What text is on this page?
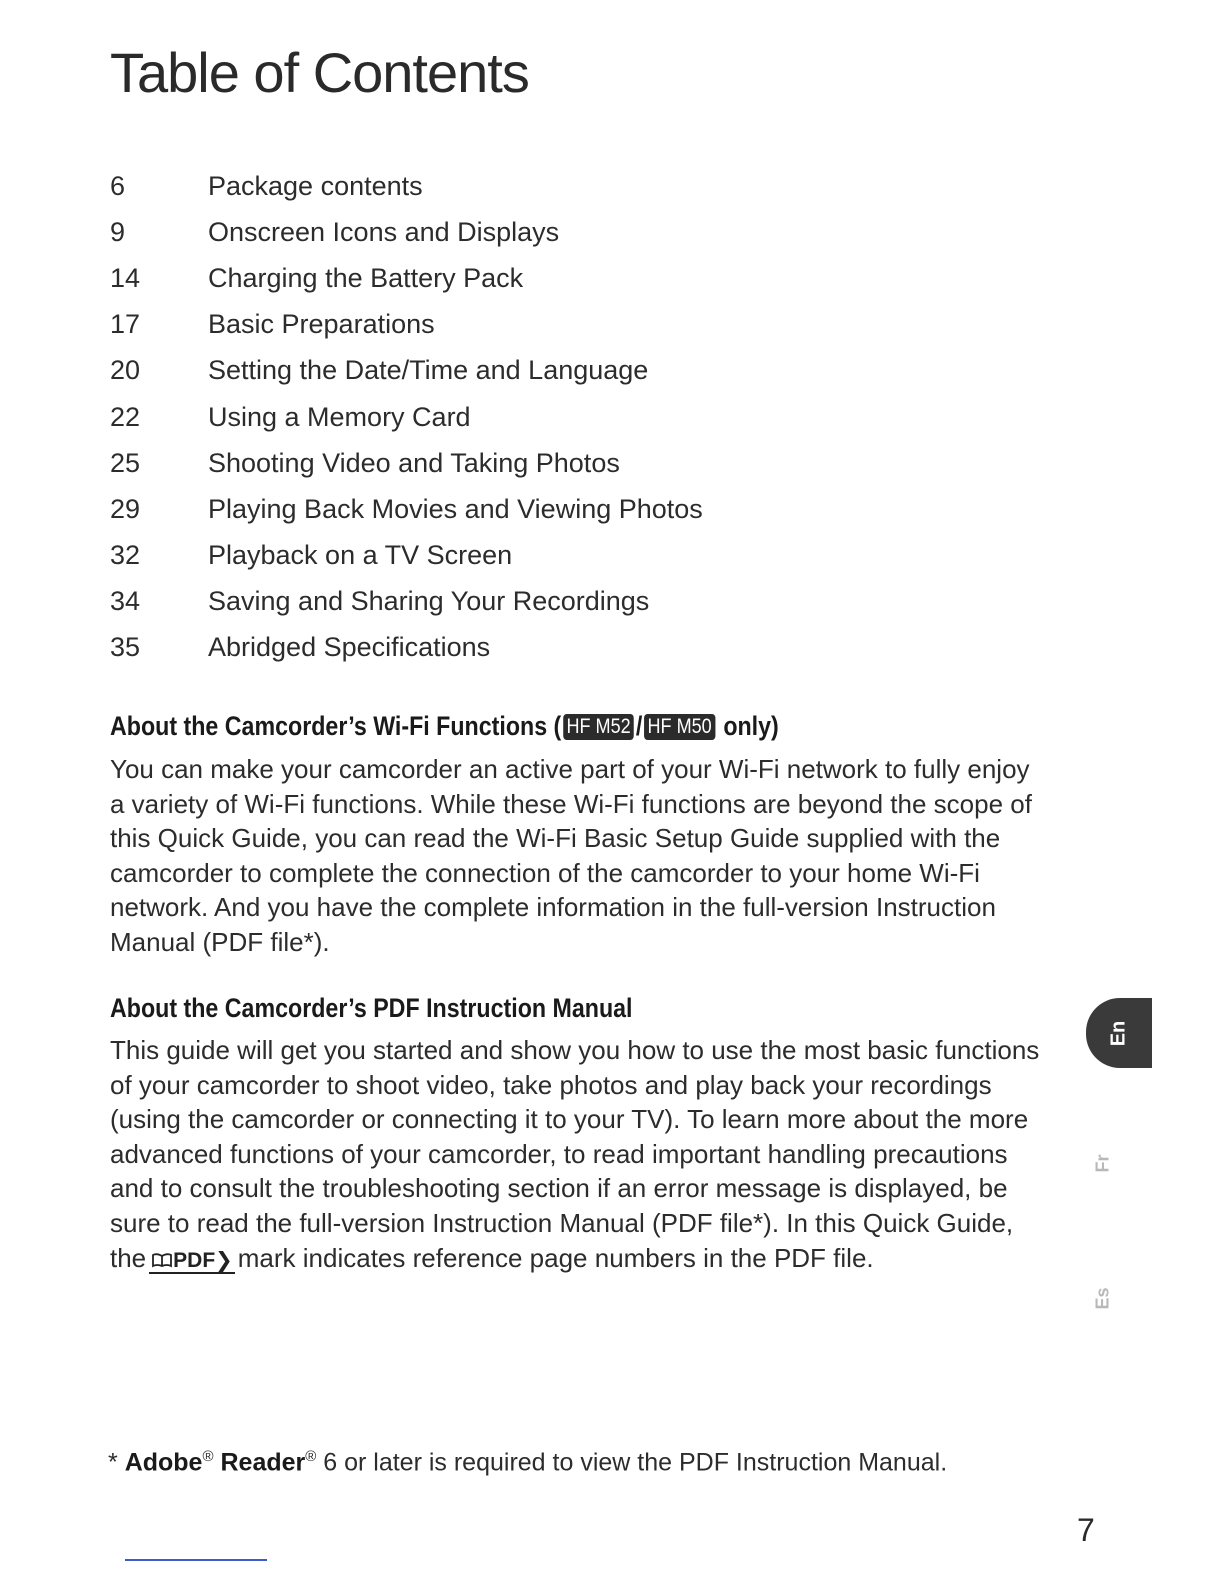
Table of Contents
6	Package contents
9	Onscreen Icons and Displays
14	Charging the Battery Pack
17	Basic Preparations
20	Setting the Date/Time and Language
22	Using a Memory Card
25	Shooting Video and Taking Photos
29	Playing Back Movies and Viewing Photos
32	Playback on a TV Screen
34	Saving and Sharing Your Recordings
35	Abridged Specifications
About the Camcorder’s Wi-Fi Functions ( HF M52 / HF M50 only)
You can make your camcorder an active part of your Wi-Fi network to fully enjoy a variety of Wi-Fi functions. While these Wi-Fi functions are beyond the scope of this Quick Guide, you can read the Wi-Fi Basic Setup Guide supplied with the camcorder to complete the connection of the camcorder to your home Wi-Fi network. And you have the complete information in the full-version Instruction Manual (PDF file*).
About the Camcorder’s PDF Instruction Manual
This guide will get you started and show you how to use the most basic functions of your camcorder to shoot video, take photos and play back your recordings (using the camcorder or connecting it to your TV). To learn more about the more advanced functions of your camcorder, to read important handling precautions and to consult the troubleshooting section if an error message is displayed, be sure to read the full-version Instruction Manual (PDF file*). In this Quick Guide, the PDF❯ mark indicates reference page numbers in the PDF file.
* Adobe® Reader® 6 or later is required to view the PDF Instruction Manual.
En
Fr
Es
7
